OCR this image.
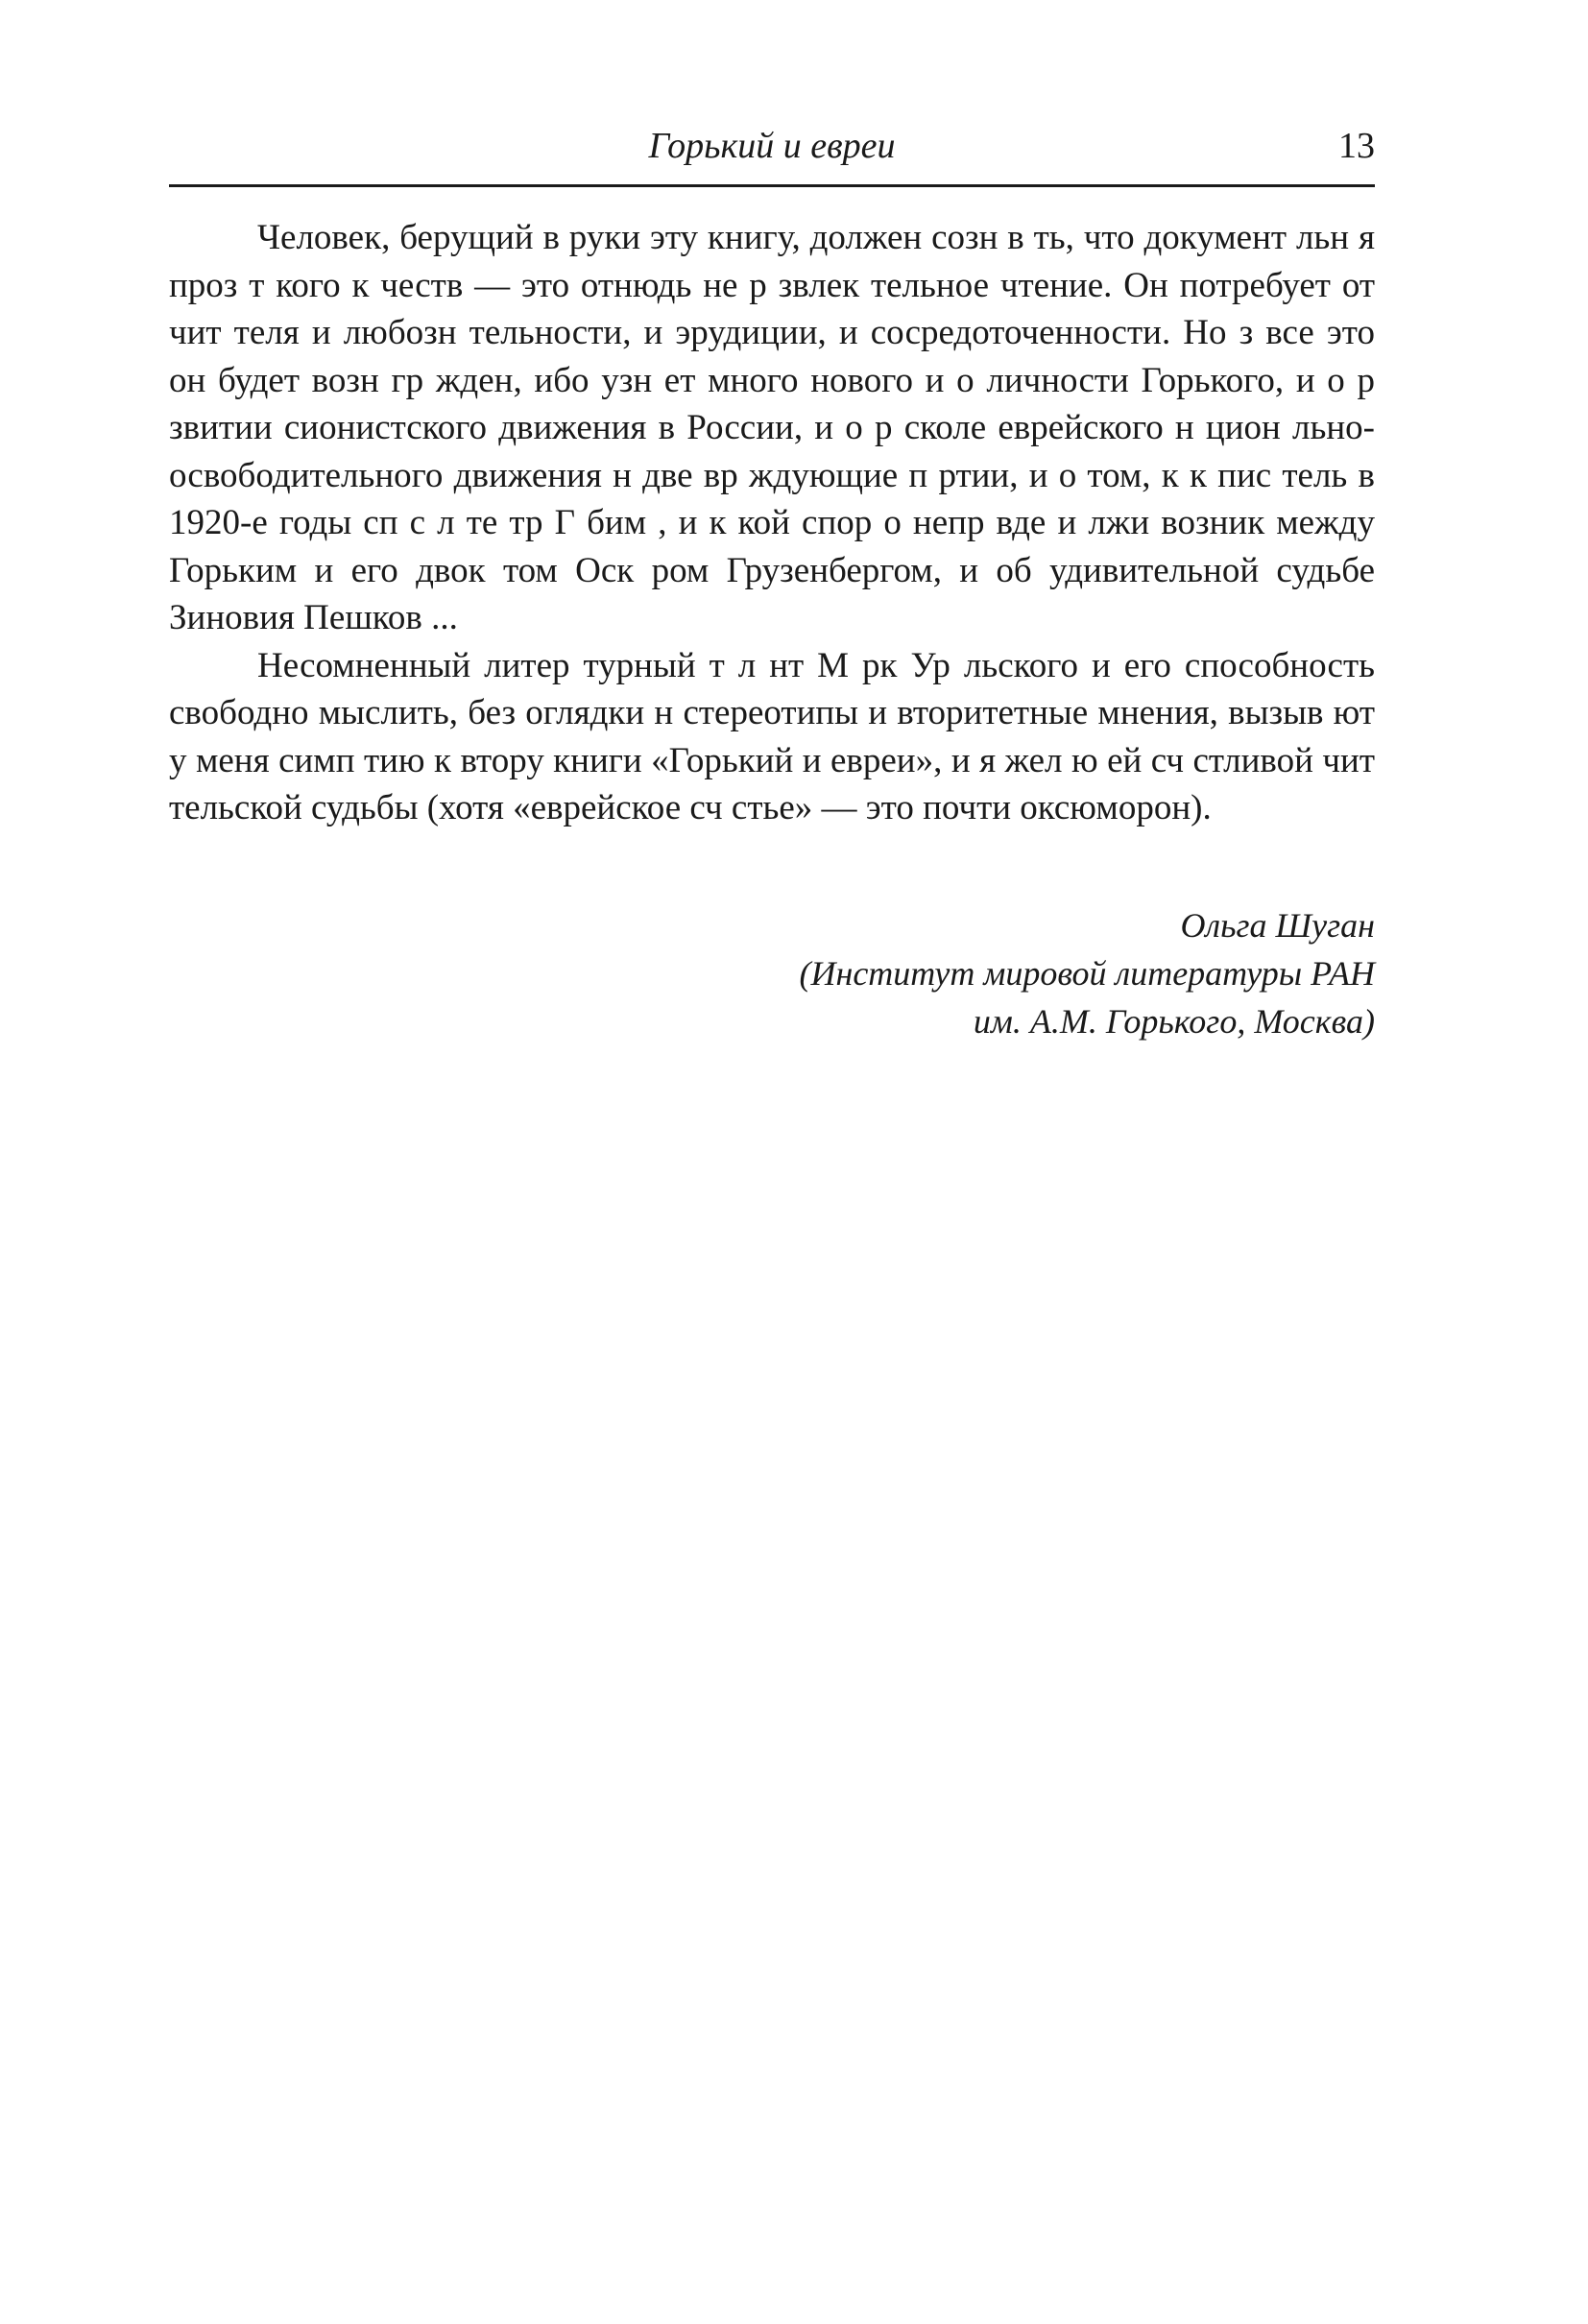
Горький и евреи	13

Человек, берущий в руки эту книгу, должен созн в ть, что документ льн я проз т кого к честв — это отнюдь не р звлек тельное чтение. Он потребует от чит теля и любозн тельности, и эрудиции, и сосредоточенности. Но з все это он будет возн гр жден, ибо узн ет много нового и о личности Горького, и о р звитии сионистского движения в России, и о р сколе еврейского н цион льно-освободительного движения н две вр ждующие п ртии, и о том, к к пис тель в 1920-е годы сп с л те тр Г бим , и к кой спор о непр вде и лжи возник между Горьким и его двок том Оск ром Грузенбергом, и об удивительной судьбе Зиновия Пешков ...

Несомненный литер турный т л нт М рк Ур льского и его способность свободно мыслить, без оглядки н стереотипы и вторитетные мнения, вызыв ют у меня симп тию к втору книги «Горький и евреи», и я жел ю ей сч стливой чит тельской судьбы (хотя «еврейское сч стье» — это почти оксюморон).

Ольга Шуган
(Институт мировой литературы РАН
им. А.М. Горького, Москва)
